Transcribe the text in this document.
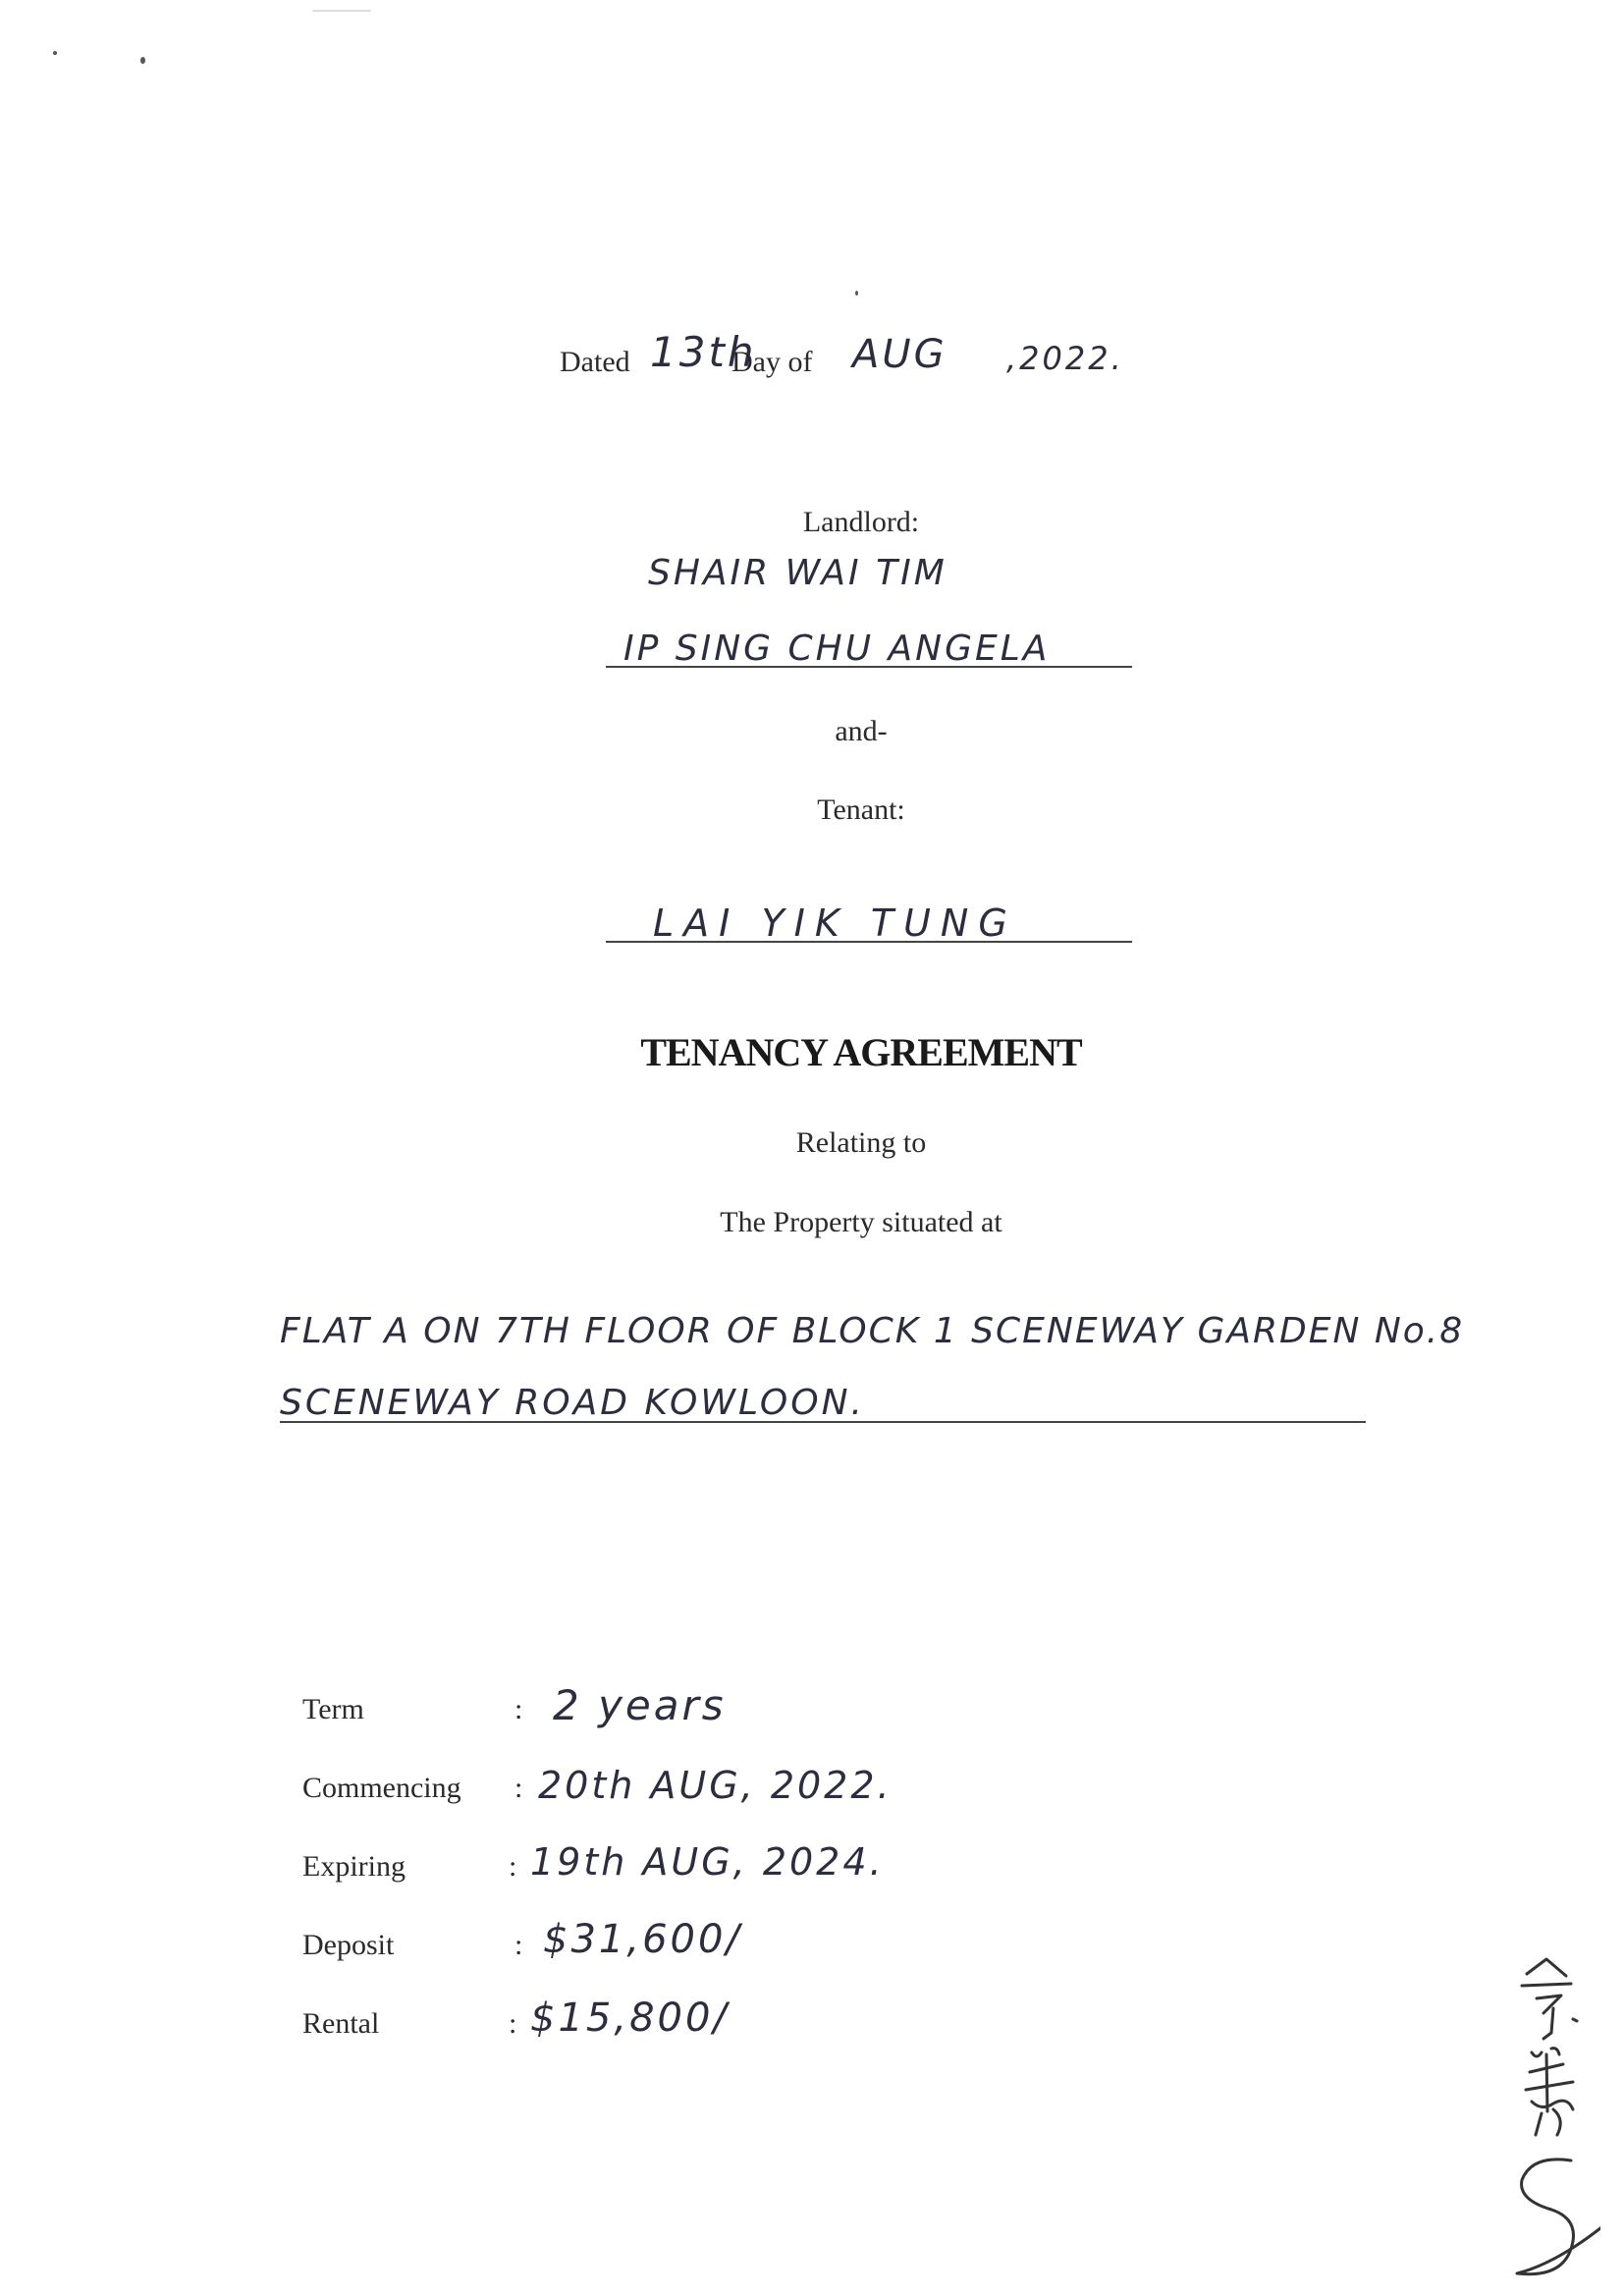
Dated 13th
Day of AUG ,2022.
Landlord:
SHAIR WAI TIM
IP SING CHU ANGELA
and-
Tenant:
LAI YIK TUNG
TENANCY AGREEMENT
Relating to
The Property situated at
FLAT A ON 7TH FLOOR OF BLOCK 1 SCENEWAY GARDEN No.8
SCENEWAY ROAD KOWLOON.
Term	: 2 years
Commencing : 20th AUG, 2022.
Expiring	: 19th AUG, 2024.
Deposit	: $31,600/
Rental	: $15,800/
